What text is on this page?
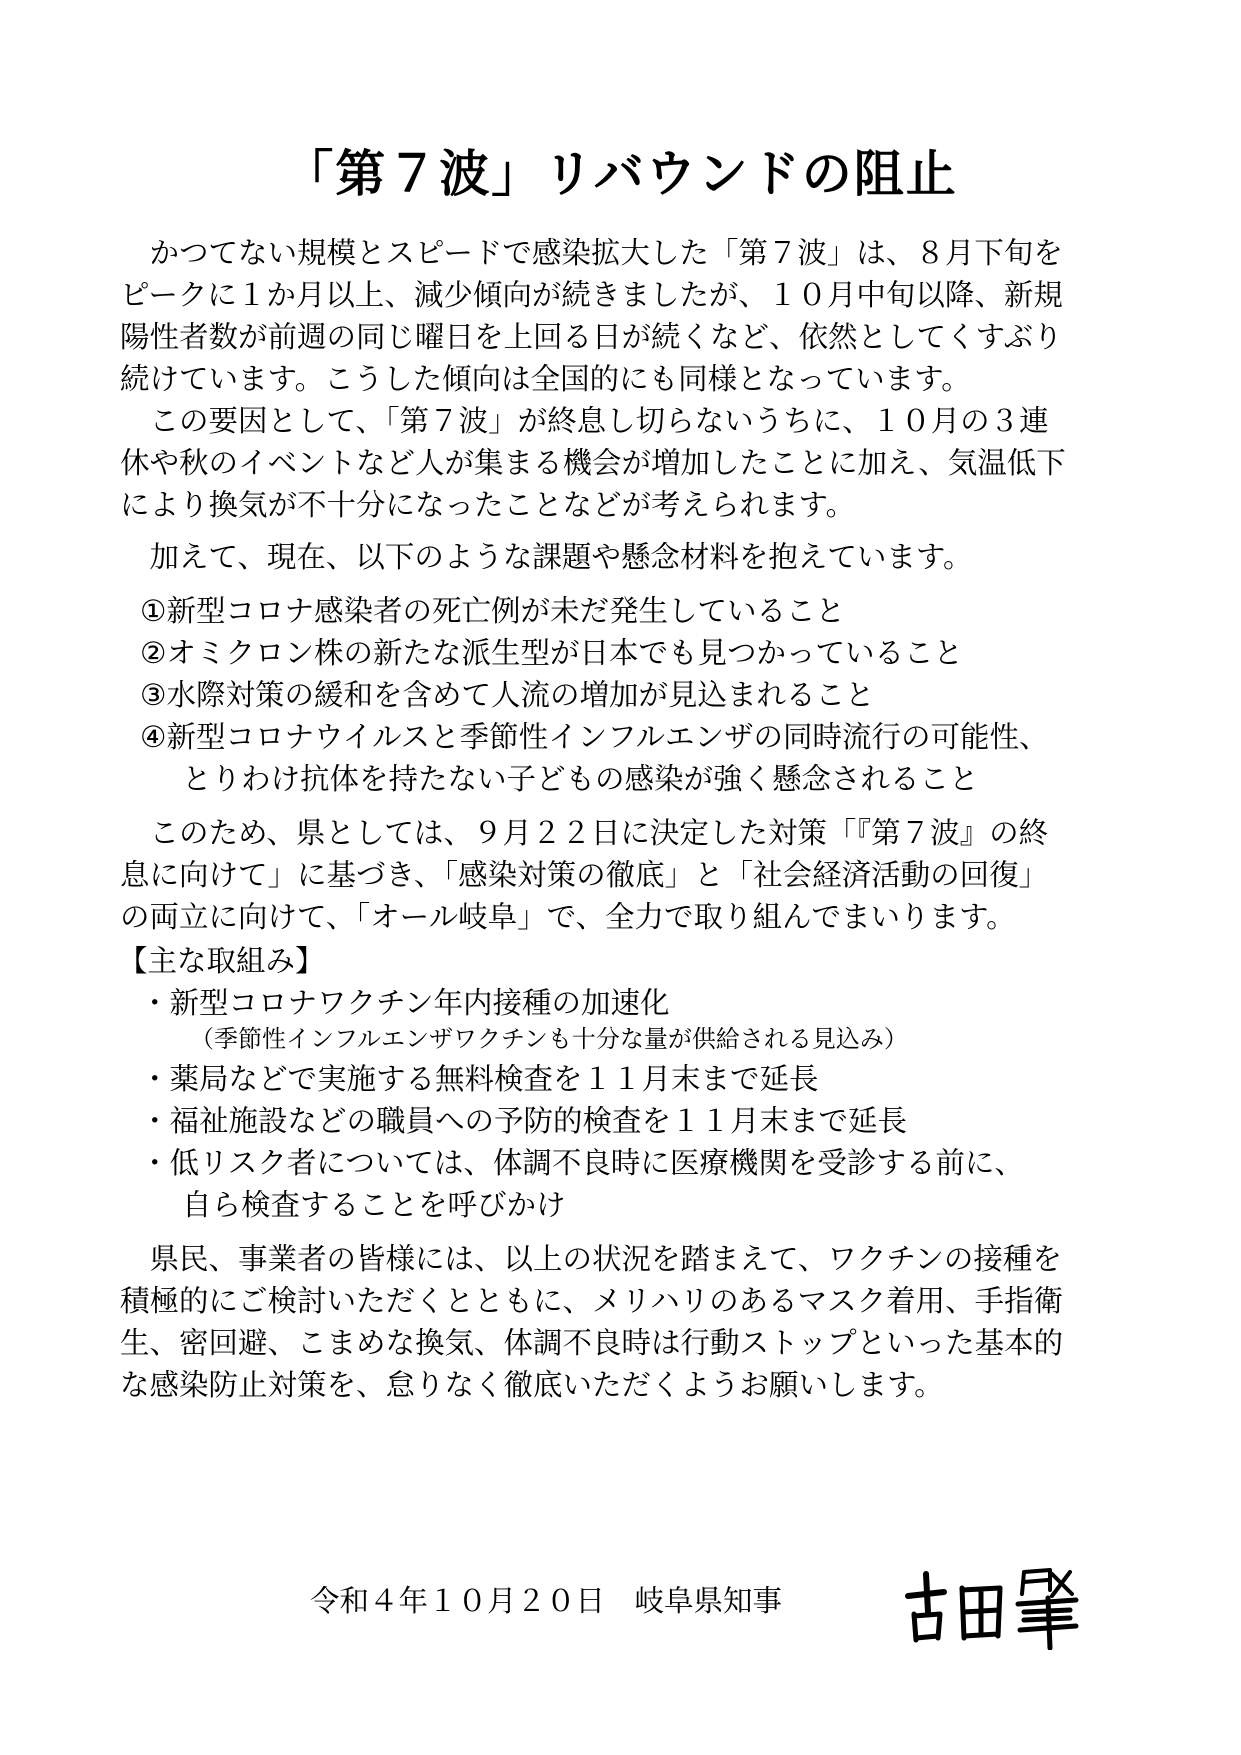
「第７波」リバウンドの阻止
　かつてない規模とスピードで感染拡大した「第７波」は、８月下旬を
ピークに１か月以上、減少傾向が続きましたが、１０月中旬以降、新規
陽性者数が前週の同じ曜日を上回る日が続くなど、依然としてくすぶり
続けています。こうした傾向は全国的にも同様となっています。
　この要因として、「第７波」が終息し切らないうちに、１０月の３連
休や秋のイベントなど人が集まる機会が増加したことに加え、気温低下
により換気が不十分になったことなどが考えられます。
　加えて、現在、以下のような課題や懸念材料を抱えています。
①新型コロナ感染者の死亡例が未だ発生していること
②オミクロン株の新たな派生型が日本でも見つかっていること
③水際対策の緩和を含めて人流の増加が見込まれること
④新型コロナウイルスと季節性インフルエンザの同時流行の可能性、
とりわけ抗体を持たない子どもの感染が強く懸念されること
　このため、県としては、９月２２日に決定した対策「『第７波』の終
息に向けて」に基づき、「感染対策の徹底」と「社会経済活動の回復」
の両立に向けて、「オール岐阜」で、全力で取り組んでまいります。
【主な取組み】
・新型コロナワクチン年内接種の加速化
（季節性インフルエンザワクチンも十分な量が供給される見込み）
・薬局などで実施する無料検査を１１月末まで延長
・福祉施設などの職員への予防的検査を１１月末まで延長
・低リスク者については、体調不良時に医療機関を受診する前に、
自ら検査することを呼びかけ
　県民、事業者の皆様には、以上の状況を踏まえて、ワクチンの接種を
積極的にご検討いただくとともに、メリハリのあるマスク着用、手指衛
生、密回避、こまめな換気、体調不良時は行動ストップといった基本的
な感染防止対策を、怠りなく徹底いただくようお願いします。
令和４年１０月２０日　岐阜県知事
